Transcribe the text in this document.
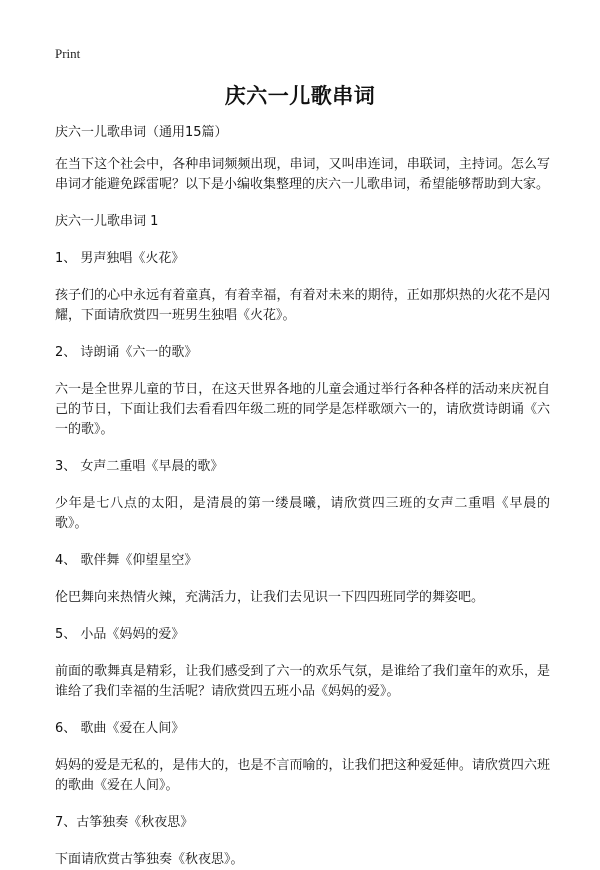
Print
庆六一儿歌串词

庆六一儿歌串词（通用15篇）

在当下这个社会中，各种串词频频出现，串词，又叫串连词，串联词，主持词。怎么写串词才能避免踩雷呢？以下是小编收集整理的庆六一儿歌串词，希望能够帮助到大家。

庆六一儿歌串词 1

1、 男声独唱《火花》

孩子们的心中永远有着童真，有着幸福，有着对未来的期待，正如那炽热的火花不是闪耀，下面请欣赏四一班男生独唱《火花》。

2、 诗朗诵《六一的歌》

六一是全世界儿童的节日，在这天世界各地的儿童会通过举行各种各样的活动来庆祝自己的节日，下面让我们去看看四年级二班的同学是怎样歌颂六一的，请欣赏诗朗诵《六一的歌》。

3、 女声二重唱《早晨的歌》

少年是七八点的太阳，是清晨的第一缕晨曦，请欣赏四三班的女声二重唱《早晨的歌》。

4、 歌伴舞《仰望星空》

伦巴舞向来热情火辣，充满活力，让我们去见识一下四四班同学的舞姿吧。

5、 小品《妈妈的爱》

前面的歌舞真是精彩，让我们感受到了六一的欢乐气氛，是谁给了我们童年的欢乐，是谁给了我们幸福的生活呢？请欣赏四五班小品《妈妈的爱》。

6、 歌曲《爱在人间》

妈妈的爱是无私的，是伟大的，也是不言而喻的，让我们把这种爱延伸。请欣赏四六班的歌曲《爱在人间》。

7、古筝独奏《秋夜思》

下面请欣赏古筝独奏《秋夜思》。
